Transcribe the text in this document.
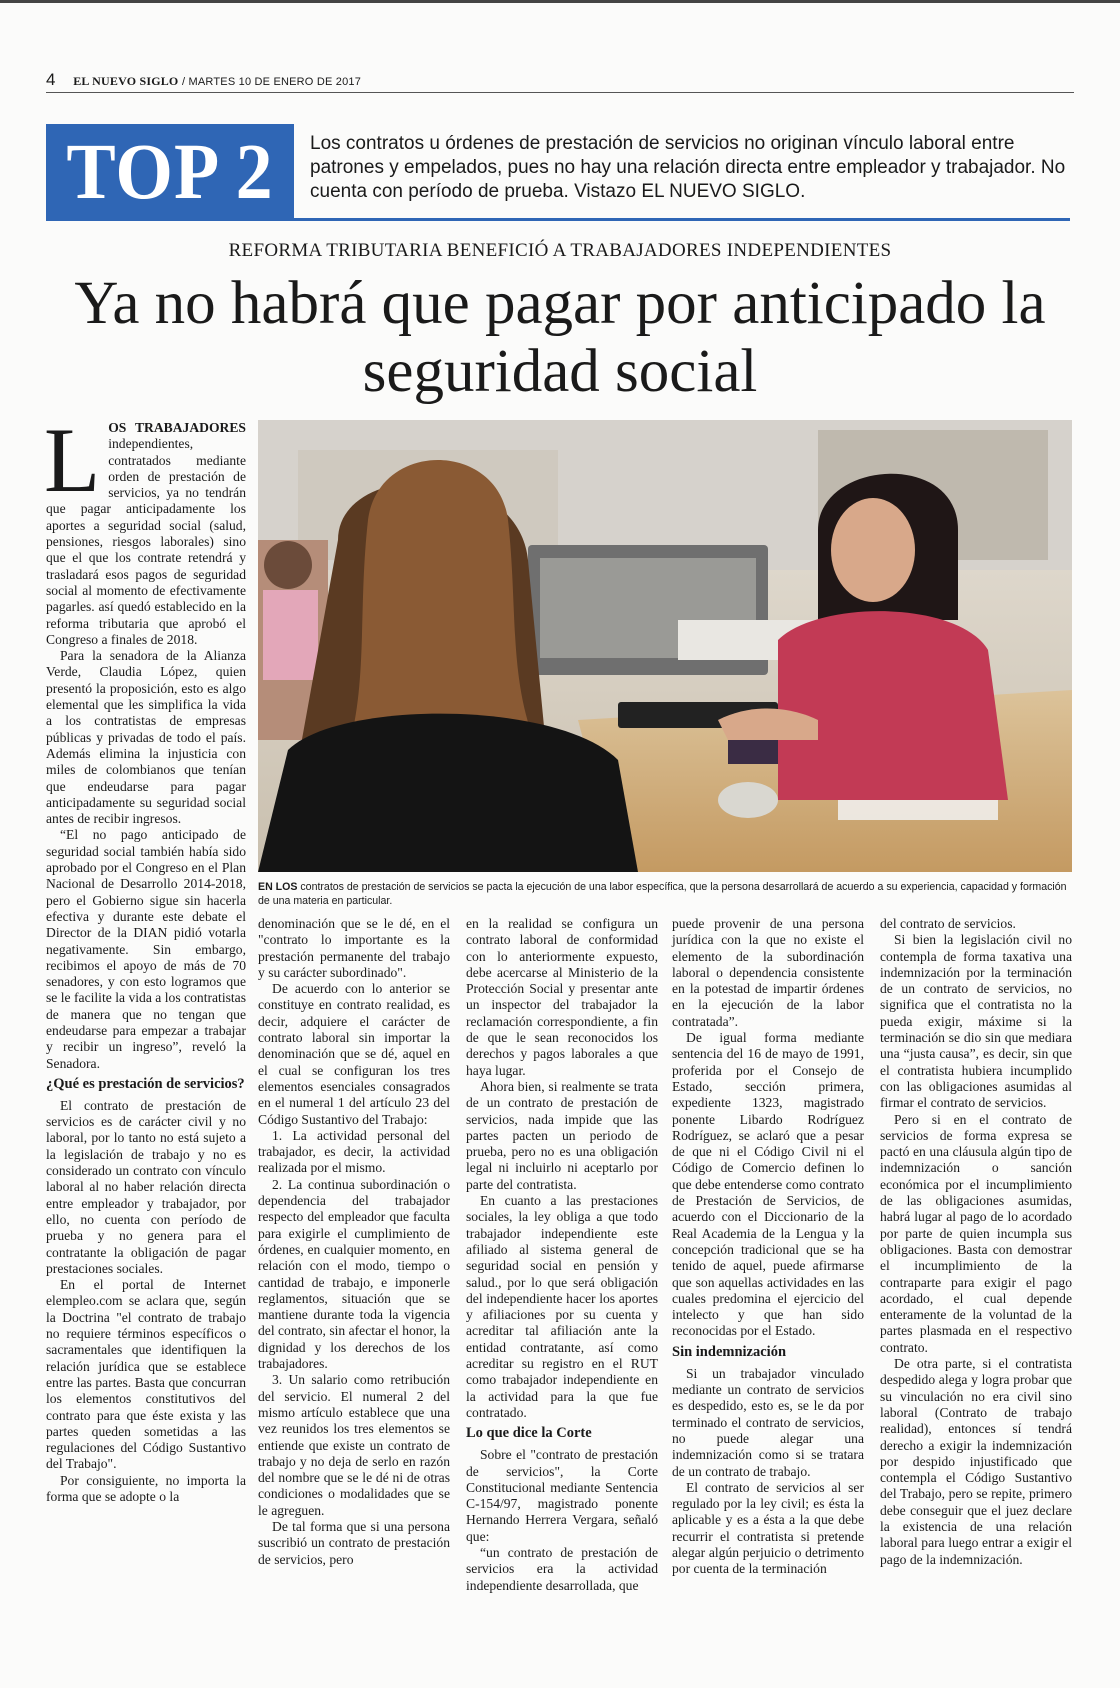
4 EL NUEVO SIGLO / MARTES 10 DE ENERO DE 2017
TOP 2 Los contratos u órdenes de prestación de servicios no originan vínculo laboral entre patrones y empelados, pues no hay una relación directa entre empleador y trabajador. No cuenta con período de prueba. Vistazo EL NUEVO SIGLO.
REFORMA TRIBUTARIA BENEFICIÓ A TRABAJADORES INDEPENDIENTES
Ya no habrá que pagar por anticipado la seguridad social

LOS TRABAJADORES independientes, contratados mediante orden de prestación de servicios, ya no tendrán que pagar anticipadamente los aportes a seguridad social (salud, pensiones, riesgos laborales) sino que el que los contrate retendrá y trasladará esos pagos de seguridad social al momento de efectivamente pagarles. así quedó establecido en la reforma tributaria que aprobó el Congreso a finales de 2018.

Para la senadora de la Alianza Verde, Claudia López, quien presentó la proposición, esto es algo elemental que les simplifica la vida a los contratistas de empresas públicas y privadas de todo el país. Además elimina la injusticia con miles de colombianos que tenían que endeudarse para pagar anticipadamente su seguridad social antes de recibir ingresos.

“El no pago anticipado de seguridad social también había sido aprobado por el Congreso en el Plan Nacional de Desarrollo 2014-2018, pero el Gobierno sigue sin hacerla efectiva y durante este debate el Director de la DIAN pidió votarla negativamente. Sin embargo, recibimos el apoyo de más de 70 senadores, y con esto logramos que se le facilite la vida a los contratistas de manera que no tengan que endeudarse para empezar a trabajar y recibir un ingreso”, reveló la Senadora.

¿Qué es prestación de servicios?

El contrato de prestación de servicios es de carácter civil y no laboral, por lo tanto no está sujeto a la legislación de trabajo y no es considerado un contrato con vínculo laboral al no haber relación directa entre empleador y trabajador, por ello, no cuenta con período de prueba y no genera para el contratante la obligación de pagar prestaciones sociales.

En el portal de Internet elempleo.com se aclara que, según la Doctrina "el contrato de trabajo no requiere términos específicos o sacramentales que identifiquen la relación jurídica que se establece entre las partes. Basta que concurran los elementos constitutivos del contrato para que éste exista y las partes queden sometidas a las regulaciones del Código Sustantivo del Trabajo".

Por consiguiente, no importa la forma que se adopte o la

EN LOS contratos de prestación de servicios se pacta la ejecución de una labor específica, que la persona desarrollará de acuerdo a su experiencia, capacidad y formación de una materia en particular.

denominación que se le dé, en el "contrato lo importante es la prestación permanente del trabajo y su carácter subordinado".

De acuerdo con lo anterior se constituye en contrato realidad, es decir, adquiere el carácter de contrato laboral sin importar la denominación que se dé, aquel en el cual se configuran los tres elementos esenciales consagrados en el numeral 1 del artículo 23 del Código Sustantivo del Trabajo:

1. La actividad personal del trabajador, es decir, la actividad realizada por el mismo.

2. La continua subordinación o dependencia del trabajador respecto del empleador que faculta para exigirle el cumplimiento de órdenes, en cualquier momento, en relación con el modo, tiempo o cantidad de trabajo, e imponerle reglamentos, situación que se mantiene durante toda la vigencia del contrato, sin afectar el honor, la dignidad y los derechos de los trabajadores.

3. Un salario como retribución del servicio. El numeral 2 del mismo artículo establece que una vez reunidos los tres elementos se entiende que existe un contrato de trabajo y no deja de serlo en razón del nombre que se le dé ni de otras condiciones o modalidades que se le agreguen.

De tal forma que si una persona suscribió un contrato de prestación de servicios, pero

en la realidad se configura un contrato laboral de conformidad con lo anteriormente expuesto, debe acercarse al Ministerio de la Protección Social y presentar ante un inspector del trabajador la reclamación correspondiente, a fin de que le sean reconocidos los derechos y pagos laborales a que haya lugar.

Ahora bien, si realmente se trata de un contrato de prestación de servicios, nada impide que las partes pacten un periodo de prueba, pero no es una obligación legal ni incluirlo ni aceptarlo por parte del contratista.

En cuanto a las prestaciones sociales, la ley obliga a que todo trabajador independiente este afiliado al sistema general de seguridad social en pensión y salud., por lo que será obligación del independiente hacer los aportes y afiliaciones por su cuenta y acreditar tal afiliación ante la entidad contratante, así como acreditar su registro en el RUT como trabajador independiente en la actividad para la que fue contratado.

Lo que dice la Corte

Sobre el "contrato de prestación de servicios", la Corte Constitucional mediante Sentencia C-154/97, magistrado ponente Hernando Herrera Vergara, señaló que:

“un contrato de prestación de servicios era la actividad independiente desarrollada, que

puede provenir de una persona jurídica con la que no existe el elemento de la subordinación laboral o dependencia consistente en la potestad de impartir órdenes en la ejecución de la labor contratada”.

De igual forma mediante sentencia del 16 de mayo de 1991, proferida por el Consejo de Estado, sección primera, expediente 1323, magistrado ponente Libardo Rodríguez Rodríguez, se aclaró que a pesar de que ni el Código Civil ni el Código de Comercio definen lo que debe entenderse como contrato de Prestación de Servicios, de acuerdo con el Diccionario de la Real Academia de la Lengua y la concepción tradicional que se ha tenido de aquel, puede afirmarse que son aquellas actividades en las cuales predomina el ejercicio del intelecto y que han sido reconocidas por el Estado.

Sin indemnización

Si un trabajador vinculado mediante un contrato de servicios es despedido, esto es, se le da por terminado el contrato de servicios, no puede alegar una indemnización como si se tratara de un contrato de trabajo.

El contrato de servicios al ser regulado por la ley civil; es ésta la aplicable y es a ésta a la que debe recurrir el contratista si pretende alegar algún perjuicio o detrimento por cuenta de la terminación

del contrato de servicios.

Si bien la legislación civil no contempla de forma taxativa una indemnización por la terminación de un contrato de servicios, no significa que el contratista no la pueda exigir, máxime si la terminación se dio sin que mediara una “justa causa”, es decir, sin que el contratista hubiera incumplido con las obligaciones asumidas al firmar el contrato de servicios.

Pero si en el contrato de servicios de forma expresa se pactó en una cláusula algún tipo de indemnización o sanción económica por el incumplimiento de las obligaciones asumidas, habrá lugar al pago de lo acordado por parte de quien incumpla sus obligaciones. Basta con demostrar el incumplimiento de la contraparte para exigir el pago acordado, el cual depende enteramente de la voluntad de la partes plasmada en el respectivo contrato.

De otra parte, si el contratista despedido alega y logra probar que su vinculación no era civil sino laboral (Contrato de trabajo realidad), entonces sí tendrá derecho a exigir la indemnización por despido injustificado que contempla el Código Sustantivo del Trabajo, pero se repite, primero debe conseguir que el juez declare la existencia de una relación laboral para luego entrar a exigir el pago de la indemnización.
